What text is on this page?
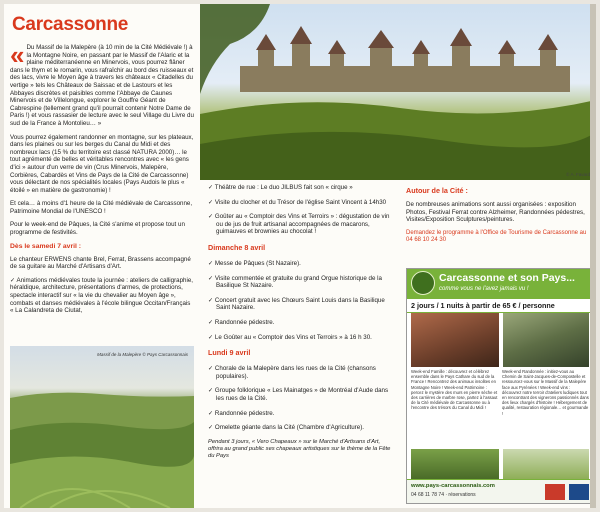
Carcassonne

« Du Massif de la Malepère (à 10 min de la Cité Médiévale !) à la Montagne Noire, en passant par le Massif de l'Alaric et la plaine méditerranéenne en Minervois, vous pourrez flâner dans le thym et le romarin, vous rafraîchir au bord des ruisseaux et des lacs, vivre le Moyen âge à travers les châteaux « Citadelles du vertige » tels les Châteaux de Saissac et de Lastours et les Abbayes discrètes et paisibles comme l'Abbaye de Caunes Minervois et de Villelongue, explorer le Gouffre Géant de Cabrespine (tellement grand qu'il pourrait contenir Notre Dame de Paris !) et vous rassasier de lecture avec le seul Village du Livre du sud de la France à Montolieu… »

Vous pourrez également randonner en montagne, sur les plateaux, dans les plaines ou sur les berges du Canal du Midi et des nombreux lacs (15 % du territoire est classé NATURA 2000)… le tout agrémenté de belles et véritables rencontres avec « les gens d'ici » autour d'un verre de vin (Crus Minervois, Malepère, Corbières, Cabardès et Vins de Pays de la Cité de Carcassonne) vous délectant de nos spécialités locales (Pays Audois le plus « étoilé » en matière de gastronomie) !

Et cela… à moins d'1 heure de la Cité médiévale de Carcassonne, Patrimoine Mondial de l'UNESCO !

Pour le week-end de Pâques, la Cité s'anime et propose tout un programme de festivités.

Dès le samedi 7 avril :

Le chanteur ERWENS chante Brel, Ferrat, Brassens accompagné de sa guitare au Marché d'Artisans d'Art.

✓ Animations médiévales toute la journée : ateliers de calligraphie, héraldique, architecture, présentations d'armes, de protections, spectacle interactif sur « la vie du chevalier au Moyen âge », combats et danses médiévales à l'école bilingue Occitan/Français « La Calandreta de Ciutat,

Massif de la Malepère © Pays Carcassonnais
© A. Favard
✓ Théâtre de rue : Le duo JILBUS fait son « cirque »
✓ Visite du clocher et du Trésor de l'église Saint Vincent à 14h30
✓ Goûter au « Comptoir des Vins et Terroirs » : dégustation de vin ou de jus de fruit artisanal accompagnées de macarons, guimauves et brownies au chocolat !
Dimanche 8 avril
✓ Messe de Pâques (St Nazaire).
✓ Visite commentée et gratuite du grand Orgue historique de la Basilique St Nazaire.
✓ Concert gratuit avec les Chœurs Saint Louis dans la Basilique Saint Nazaire.
✓ Randonnée pédestre.
✓ Le Goûter au « Comptoir des Vins et Terroirs » à 16 h 30.
Lundi 9 avril
✓ Chorale de la Malepère dans les rues de la Cité (chansons populaires).
✓ Groupe folklorique « Les Mainatges » de Montréal d'Aude dans les rues de la Cité.
✓ Randonnée pédestre.
✓ Omelette géante dans la Cité (Chambre d'Agriculture).
Pendant 3 jours, « Vero Chapeaux » sur le Marché d'Artisans d'Art, offrira au grand public ses chapeaux artistiques sur le thème de la Fête du Pays
Autour de la Cité :
De nombreuses animations sont aussi organisées : exposition Photos, Festival Ferrat contre Alzheimer, Randonnées pédestres, Visites/Exposition Sculptures/peintures.
Demandez le programme à l'Office de Tourisme de Carcassonne au 04 68 10 24 30
Carcassonne et son Pays...
comme vous ne l'avez jamais vu !
2 jours / 1 nuits à partir de 65 € / personne
Week-end Famille : découvrez et célébrez ensemble dans le Pays Cathare du sud de la France ! Rencontrez des animaux insolites en Montagne Noire ! Week-end Patrimoine : percez le mystère des murs en pierre sèche et des carrières de marbre rose, partez à l'assaut de la Cité médiévale de Carcassonne ou à l'encontre des trésors du Canal du Midi !
Week-end Randonnée : initiez-vous au Chemin de Saint-Jacques-de-Compostelle et ressourcez-vous sur le Massif de la Malepère face aux Pyrénées ! Week-end vins : découvrez notre terroir d'ateliers ludiques tout en rencontrant des vignerons passionnés dans des lieux chargés d'histoire ! Hébergement de qualité, restauration régionale… et gourmande !
www.pays-carcassonnais.com
04 68 11 78 74 · réservations
